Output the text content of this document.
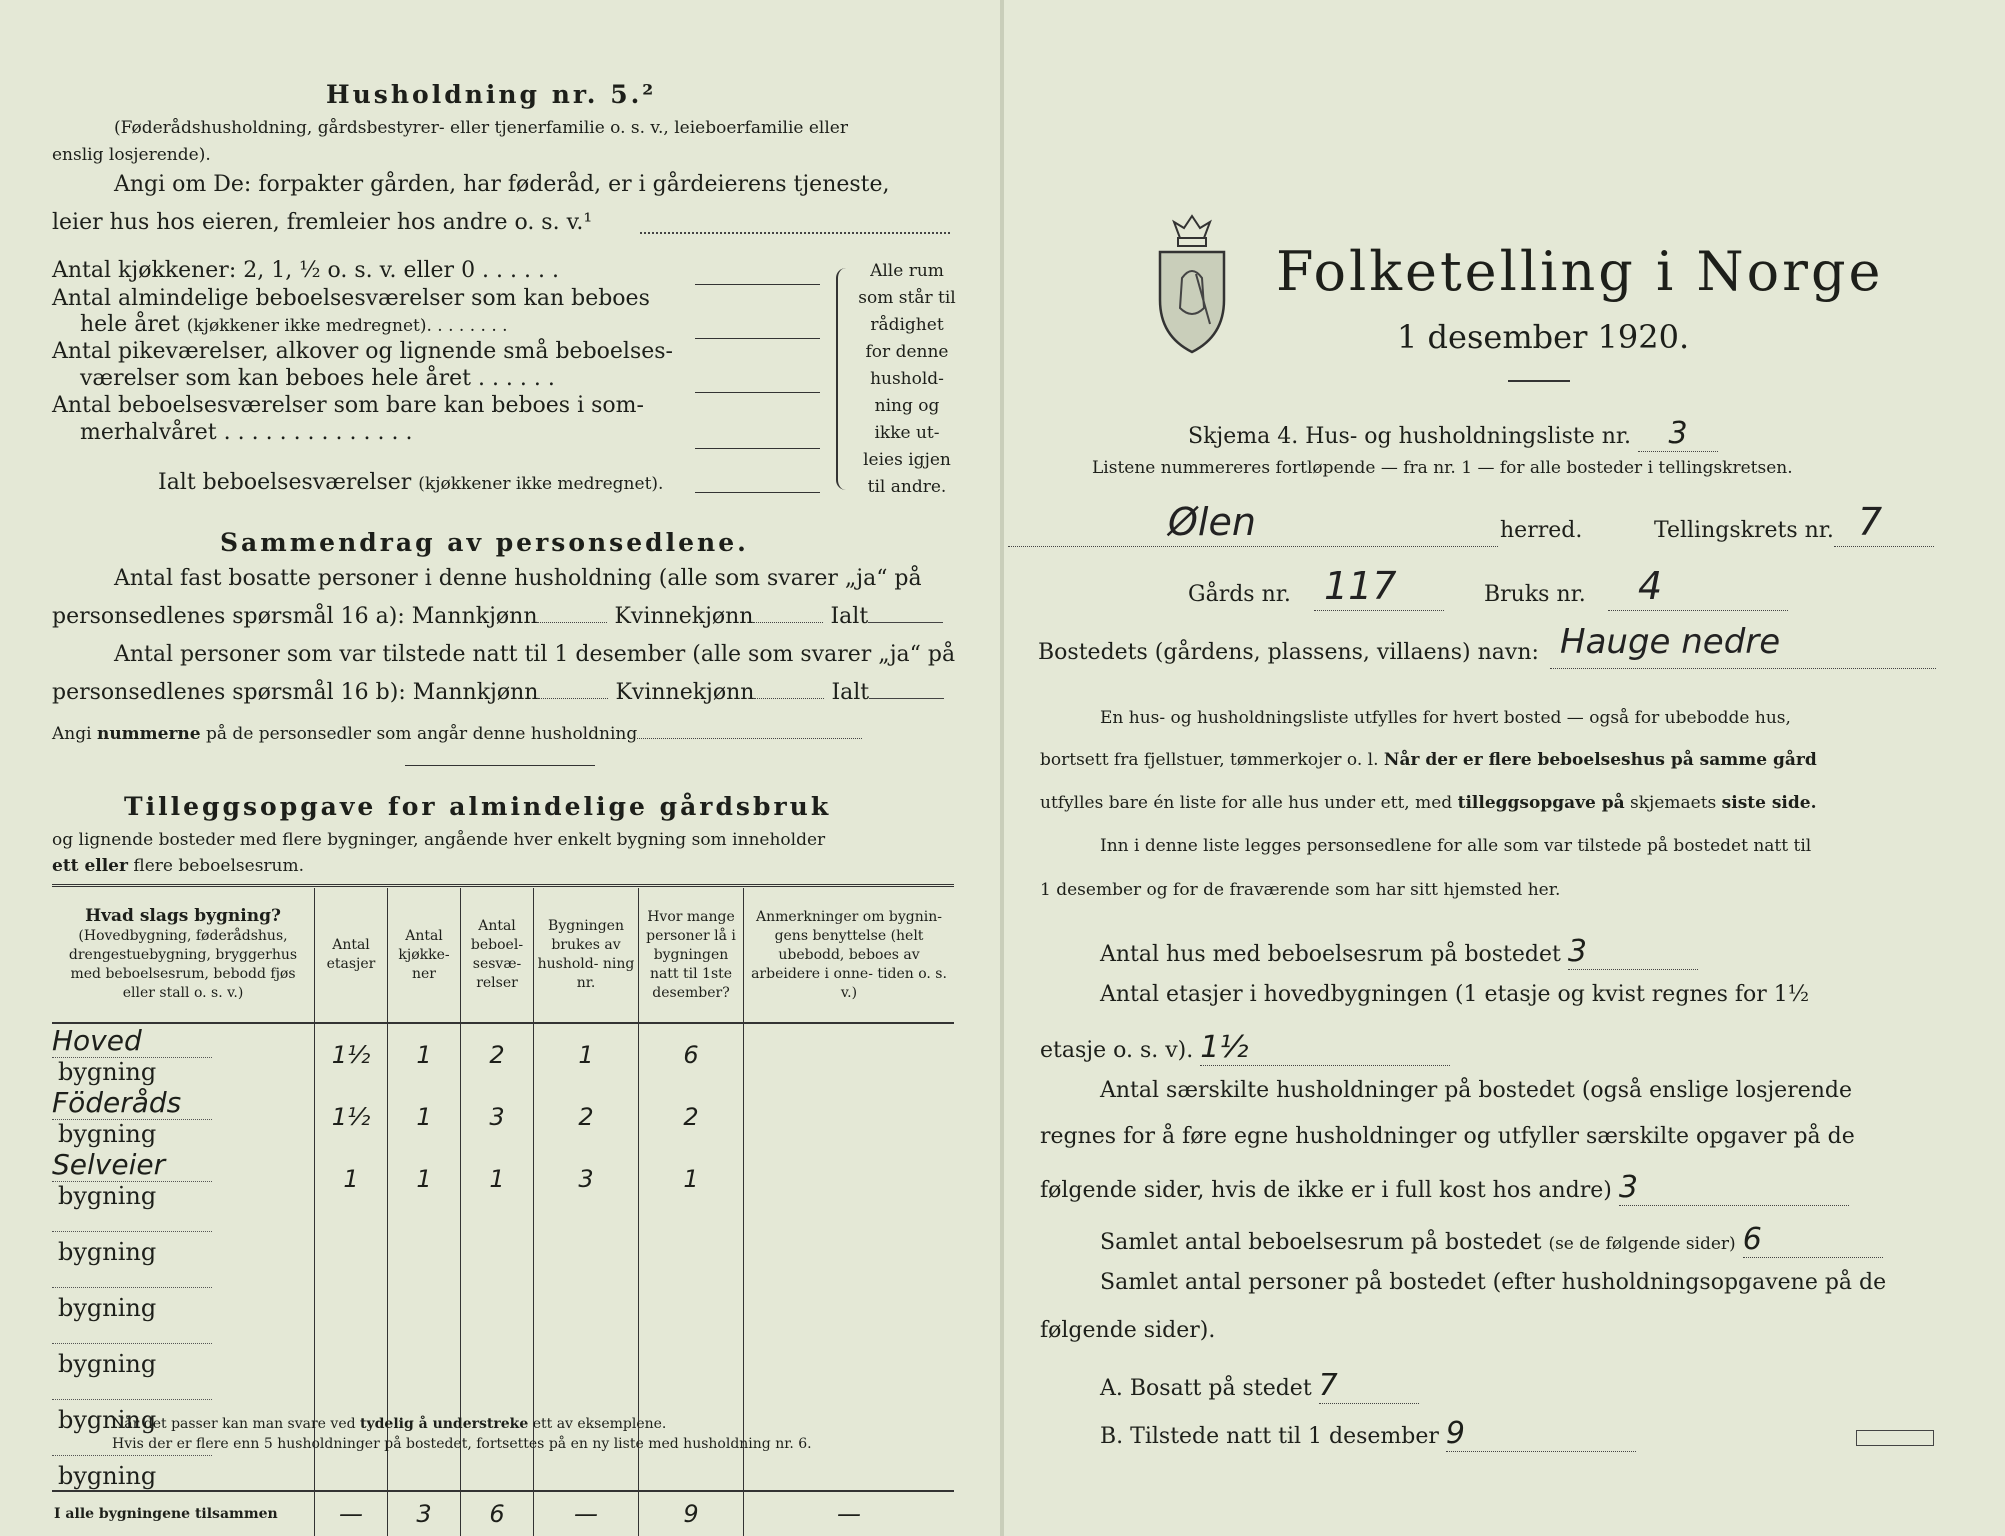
Husholdning nr. 5.²
(Føderådshusholdning, gårdsbestyrer- eller tjenerfamilie o. s. v., leieboerfamilie eller
enslig losjerende).
Angi om De: forpakter gården, har føderåd, er i gårdeierens tjeneste,
leier hus hos eieren, fremleier hos andre o. s. v.¹
Antal kjøkkener: 2, 1, ½ o. s. v. eller 0 . . . . . .
Antal almindelige beboelsesværelser som kan beboes
hele året (kjøkkener ikke medregnet). . . . . . . .
Antal pikeværelser, alkover og lignende små beboelses-
værelser som kan beboes hele året . . . . . .
Antal beboelsesværelser som bare kan beboes i som-
merhalvåret . . . . . . . . . . . . . .
Ialt beboelsesværelser (kjøkkener ikke medregnet).
Alle rum
som står til
rådighet
for denne
hushold-
ning og
ikke ut-
leies igjen
til andre.
Sammendrag av personsedlene.
Antal fast bosatte personer i denne husholdning (alle som svarer „ja“ på
personsedlenes spørsmål 16 a): Mannkjønn	Kvinnekjønn	Ialt
Antal personer som var tilstede natt til 1 desember (alle som svarer „ja“ på
personsedlenes spørsmål 16 b): Mannkjønn	Kvinnekjønn	Ialt
Angi nummerne på de personsedler som angår denne husholdning
Tilleggsopgave for almindelige gårdsbruk
og lignende bosteder med flere bygninger, angående hver enkelt bygning som inneholder
ett eller flere beboelsesrum.
Hvad slags bygning?
(Hovedbygning, føderådshus, drengestuebygning, bryggerhus med beboelsesrum, bebodd fjøs eller stall o. s. v.)	Antal etasjer	Antal kjøkke- ner	Antal beboel- sesvæ- relser	Bygningen brukes av hushold- ning nr.	Hvor mange personer lå i bygningen natt til 1ste desember?	Anmerkninger om bygnin- gens benyttelse (helt ubebodd, beboes av arbeidere i onne- tiden o. s. v.)
Hovedbygning	1½	1	2	1	6	
Föderådsbygning	1½	1	3	2	2	
Selveierbygning	1	1	1	3	1	
bygning						
bygning						
bygning						
bygning						
bygning						
I alle bygningene tilsammen	—	3	6	—	9	—
Når det passer kan man svare ved tydelig å understreke ett av eksemplene.
Hvis der er flere enn 5 husholdninger på bostedet, fortsettes på en ny liste med husholdning nr. 6.
Folketelling i Norge
1 desember 1920.
Skjema 4. Hus- og husholdningsliste nr. 3
Listene nummereres fortløpende — fra nr. 1 — for alle bosteder i tellingskretsen.
Ølen	herred.	Tellingskrets nr. 7
Gårds nr. 117	Bruks nr. 4
Bostedets (gårdens, plassens, villaens) navn: Hauge nedre
En hus- og husholdningsliste utfylles for hvert bosted — også for ubebodde hus,
bortsett fra fjellstuer, tømmerkojer o. l. Når der er flere beboelseshus på samme gård
utfylles bare én liste for alle hus under ett, med tilleggsopgave på skjemaets siste side.
Inn i denne liste legges personsedlene for alle som var tilstede på bostedet natt til
1 desember og for de fraværende som har sitt hjemsted her.
Antal hus med beboelsesrum på bostedet 3
Antal etasjer i hovedbygningen (1 etasje og kvist regnes for 1½
etasje o. s. v). 1½
Antal særskilte husholdninger på bostedet (også enslige losjerende
regnes for å føre egne husholdninger og utfyller særskilte opgaver på de
følgende sider, hvis de ikke er i full kost hos andre) 3
Samlet antal beboelsesrum på bostedet (se de følgende sider) 6
Samlet antal personer på bostedet (efter husholdningsopgavene på de
følgende sider).
A. Bosatt på stedet 7
B. Tilstede natt til 1 desember 9
